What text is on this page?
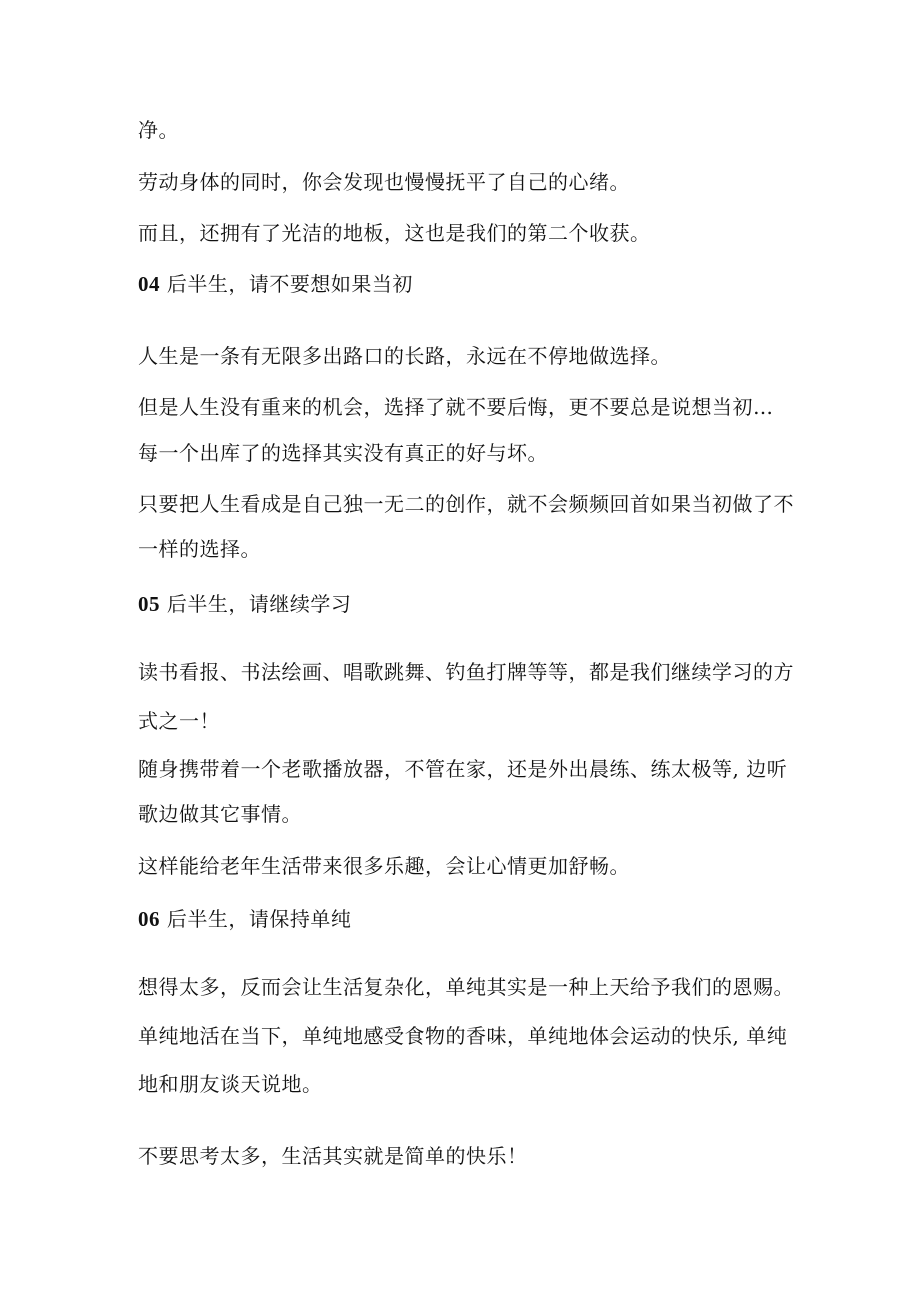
净。
劳动身体的同时，你会发现也慢慢抚平了自己的心绪。
而且，还拥有了光洁的地板，这也是我们的第二个收获。
04 后半生，请不要想如果当初
人生是一条有无限多出路口的长路，永远在不停地做选择。
但是人生没有重来的机会，选择了就不要后悔，更不要总是说想当初…
每一个出库了的选择其实没有真正的好与坏。
只要把人生看成是自己独一无二的创作，就不会频频回首如果当初做了不
一样的选择。
05 后半生，请继续学习
读书看报、书法绘画、唱歌跳舞、钓鱼打牌等等，都是我们继续学习的方
式之一！
随身携带着一个老歌播放器，不管在家，还是外出晨练、练太极等, 边听
歌边做其它事情。
这样能给老年生活带来很多乐趣，会让心情更加舒畅。
06 后半生，请保持单纯
想得太多，反而会让生活复杂化，单纯其实是一种上天给予我们的恩赐。
单纯地活在当下，单纯地感受食物的香味，单纯地体会运动的快乐, 单纯
地和朋友谈天说地。
不要思考太多，生活其实就是简单的快乐！
